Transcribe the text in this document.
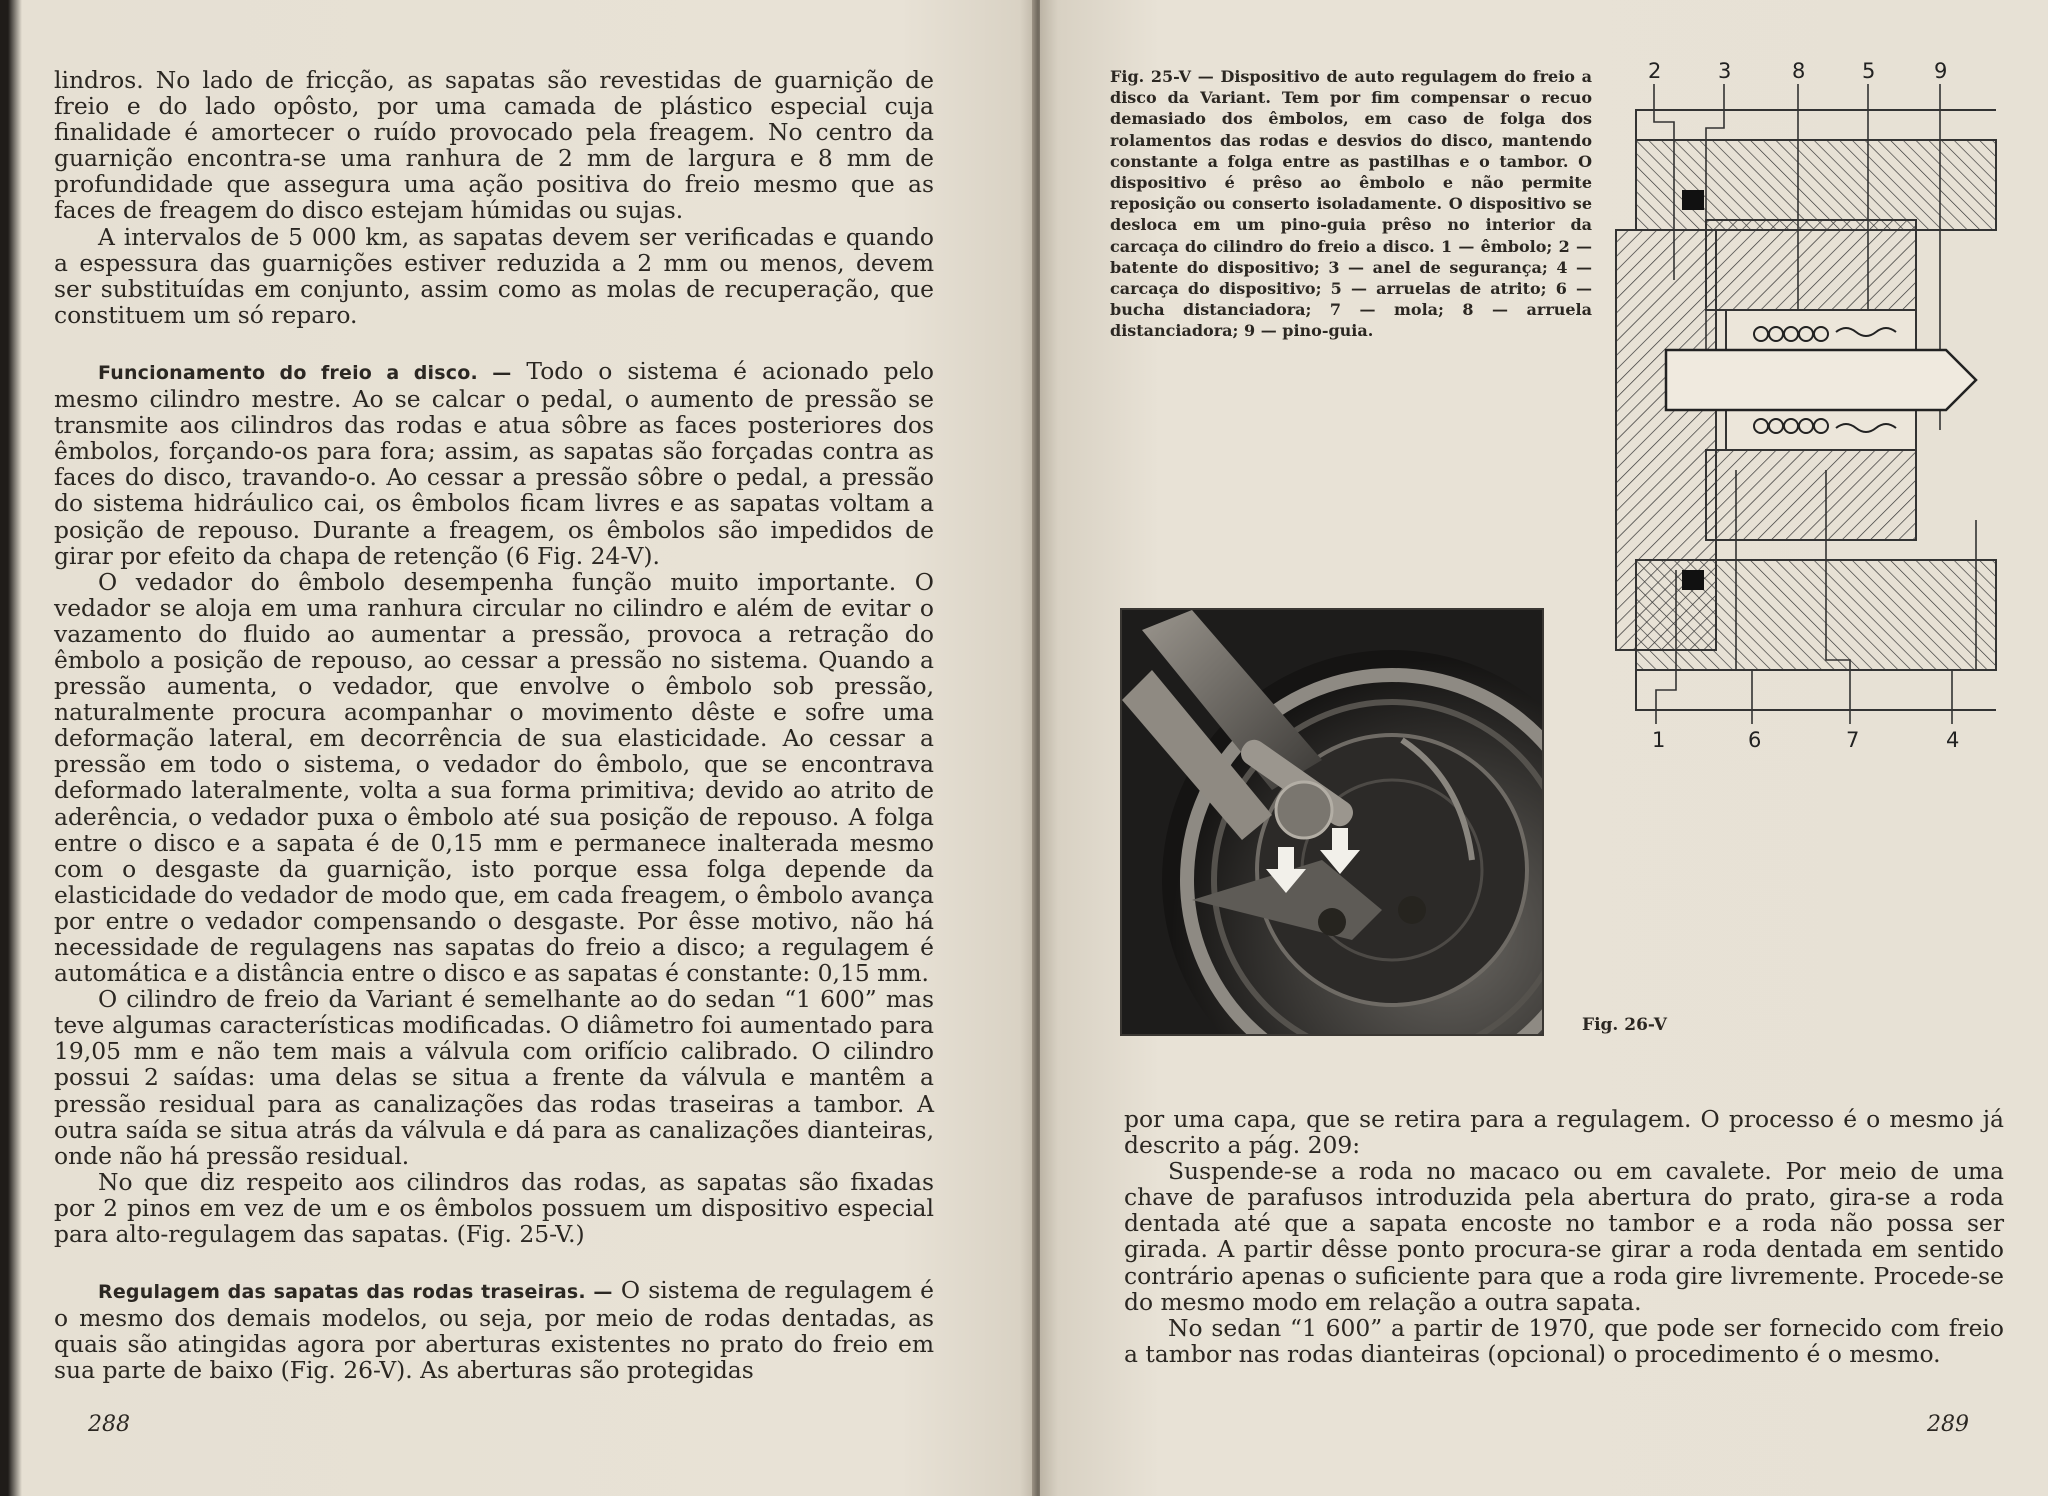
lindros. No lado de fricção, as sapatas são revestidas de guarnição de freio e do lado opôsto, por uma camada de plástico especial cuja finalidade é amortecer o ruído provocado pela freagem. No centro da guarnição encontra-se uma ranhura de 2 mm de largura e 8 mm de profundidade que assegura uma ação positiva do freio mesmo que as faces de freagem do disco estejam húmidas ou sujas.

A intervalos de 5 000 km, as sapatas devem ser verificadas e quando a espessura das guarnições estiver reduzida a 2 mm ou menos, devem ser substituídas em conjunto, assim como as molas de recuperação, que constituem um só reparo.

Funcionamento do freio a disco. — Todo o sistema é acionado pelo mesmo cilindro mestre. Ao se calcar o pedal, o aumento de pressão se transmite aos cilindros das rodas e atua sôbre as faces posteriores dos êmbolos, forçando-os para fora; assim, as sapatas são forçadas contra as faces do disco, travando-o. Ao cessar a pressão sôbre o pedal, a pressão do sistema hidráulico cai, os êmbolos ficam livres e as sapatas voltam a posição de repouso. Durante a freagem, os êmbolos são impedidos de girar por efeito da chapa de retenção (6 Fig. 24-V).

O vedador do êmbolo desempenha função muito importante. O vedador se aloja em uma ranhura circular no cilindro e além de evitar o vazamento do fluido ao aumentar a pressão, provoca a retração do êmbolo a posição de repouso, ao cessar a pressão no sistema. Quando a pressão aumenta, o vedador, que envolve o êmbolo sob pressão, naturalmente procura acompanhar o movimento dêste e sofre uma deformação lateral, em decorrência de sua elasticidade. Ao cessar a pressão em todo o sistema, o vedador do êmbolo, que se encontrava deformado lateralmente, volta a sua forma primitiva; devido ao atrito de aderência, o vedador puxa o êmbolo até sua posição de repouso. A folga entre o disco e a sapata é de 0,15 mm e permanece inalterada mesmo com o desgaste da guarnição, isto porque essa folga depende da elasticidade do vedador de modo que, em cada freagem, o êmbolo avança por entre o vedador compensando o desgaste. Por êsse motivo, não há necessidade de regulagens nas sapatas do freio a disco; a regulagem é automática e a distância entre o disco e as sapatas é constante: 0,15 mm.

O cilindro de freio da Variant é semelhante ao do sedan “1 600” mas teve algumas características modificadas. O diâmetro foi aumentado para 19,05 mm e não tem mais a válvula com orifício calibrado. O cilindro possui 2 saídas: uma delas se situa a frente da válvula e mantêm a pressão residual para as canalizações das rodas traseiras a tambor. A outra saída se situa atrás da válvula e dá para as canalizações dianteiras, onde não há pressão residual.

No que diz respeito aos cilindros das rodas, as sapatas são fixadas por 2 pinos em vez de um e os êmbolos possuem um dispositivo especial para alto-regulagem das sapatas. (Fig. 25-V.)

Regulagem das sapatas das rodas traseiras. — O sistema de regulagem é o mesmo dos demais modelos, ou seja, por meio de rodas dentadas, as quais são atingidas agora por aberturas existentes no prato do freio em sua parte de baixo (Fig. 26-V). As aberturas são protegidas

288
Fig. 25-V — Dispositivo de auto regulagem do freio a disco da Variant. Tem por fim compensar o recuo demasiado dos êmbolos, em caso de folga dos rolamentos das rodas e desvios do disco, mantendo constante a folga entre as pastilhas e o tambor. O dispositivo é prêso ao êmbolo e não permite reposição ou conserto isoladamente. O dispositivo se desloca em um pino-guia prêso no interior da carcaça do cilindro do freio a disco. 1 — êmbolo; 2 — batente do dispositivo; 3 — anel de segurança; 4 — carcaça do dispositivo; 5 — arruelas de atrito; 6 — bucha distanciadora; 7 — mola; 8 — arruela distanciadora; 9 — pino-guia.
Fig. 26-V

por uma capa, que se retira para a regulagem. O processo é o mesmo já descrito a pág. 209:

Suspende-se a roda no macaco ou em cavalete. Por meio de uma chave de parafusos introduzida pela abertura do prato, gira-se a roda dentada até que a sapata encoste no tambor e a roda não possa ser girada. A partir dêsse ponto procura-se girar a roda dentada em sentido contrário apenas o suficiente para que a roda gire livremente. Procede-se do mesmo modo em relação a outra sapata.

No sedan “1 600” a partir de 1970, que pode ser fornecido com freio a tambor nas rodas dianteiras (opcional) o procedimento é o mesmo.

289
2	3	8	5	9
1	6	7	4
